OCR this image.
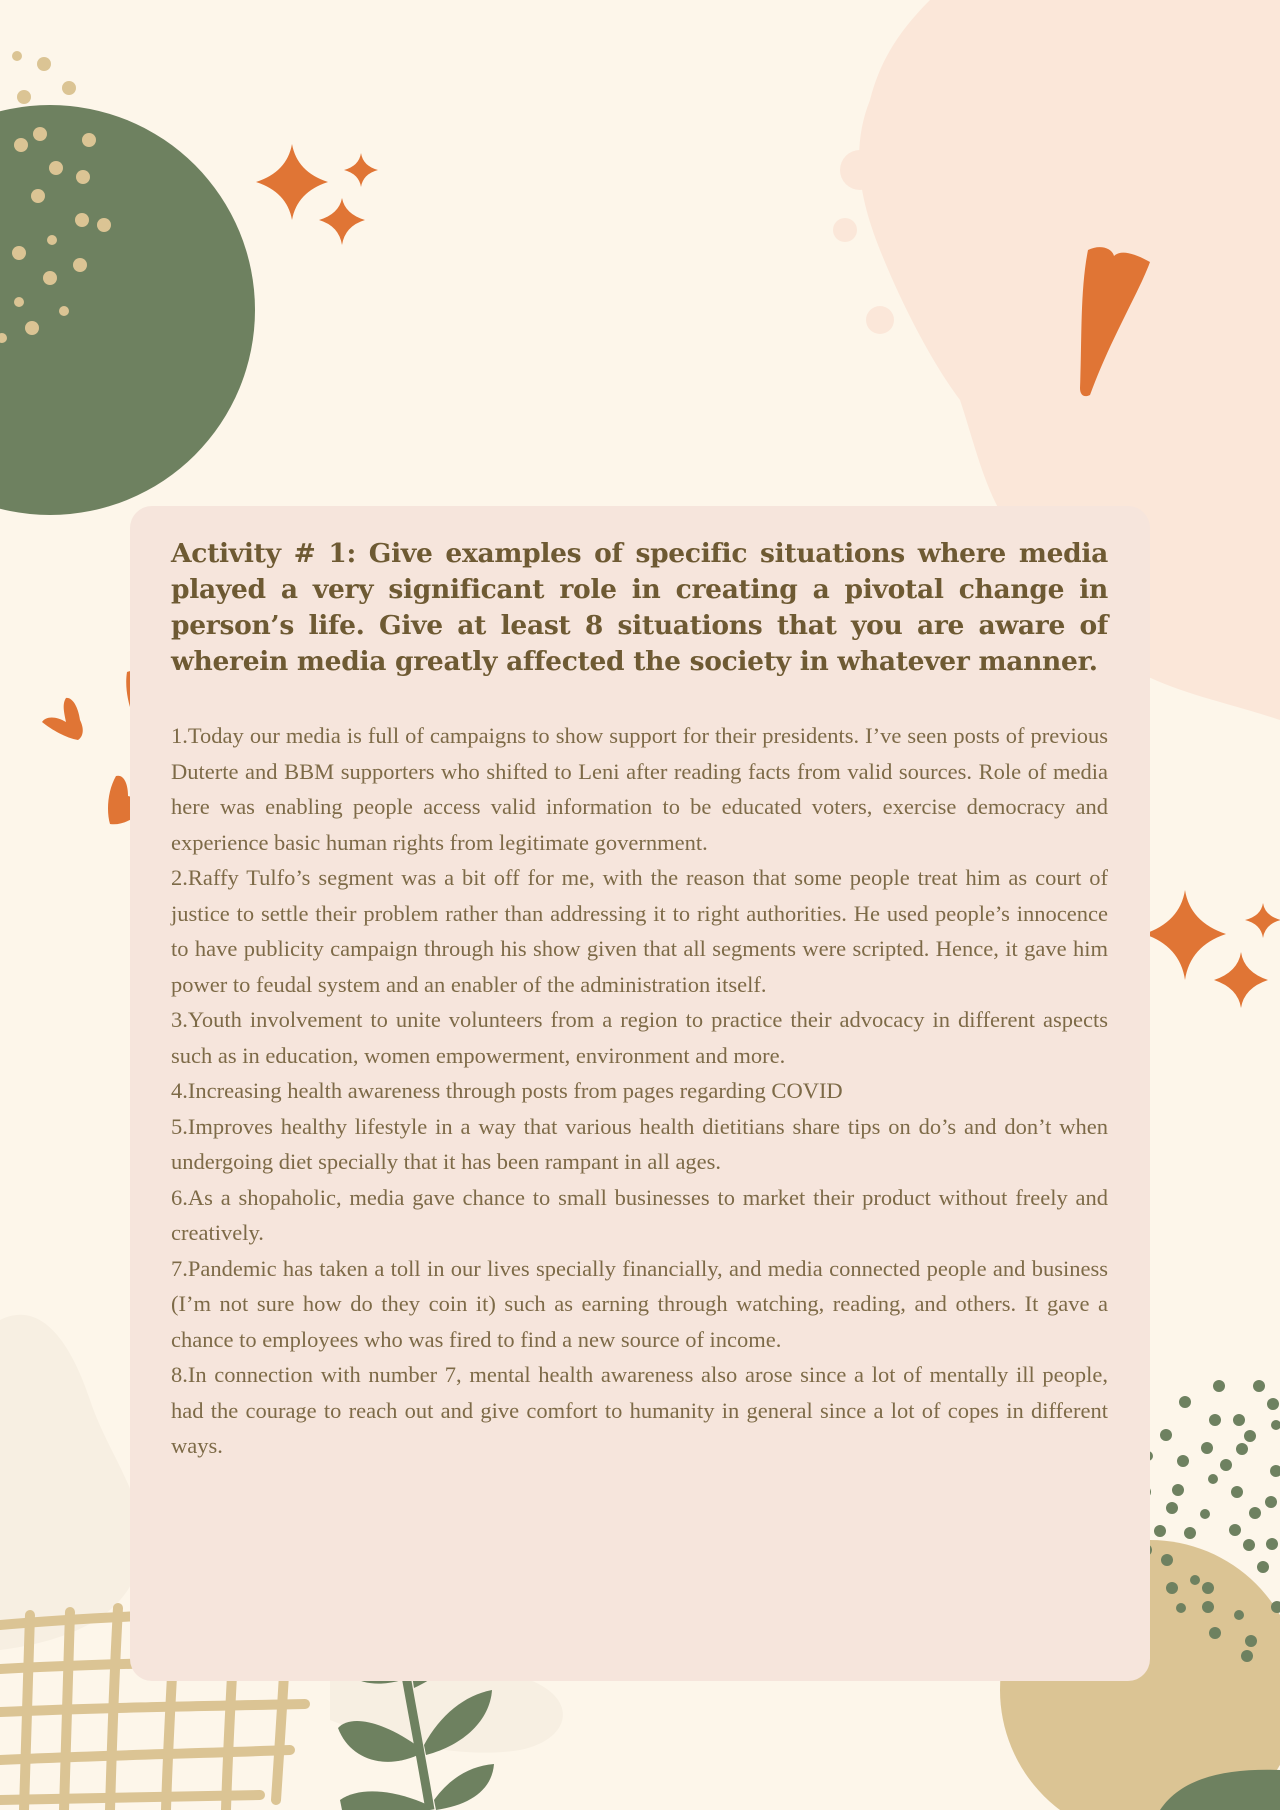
Activity # 1: Give examples of specific situations where media played a very significant role in creating a pivotal change in person’s life. Give at least 8 situations that you are aware of wherein media greatly affected the society in whatever manner.

1.Today our media is full of campaigns to show support for their presidents. I’ve seen posts of previous Duterte and BBM supporters who shifted to Leni after reading facts from valid sources. Role of media here was enabling people access valid information to be educated voters, exercise democracy and experience basic human rights from legitimate government.

2.Raffy Tulfo’s segment was a bit off for me, with the reason that some people treat him as court of justice to settle their problem rather than addressing it to right authorities. He used people’s innocence to have publicity campaign through his show given that all segments were scripted. Hence, it gave him power to feudal system and an enabler of the administration itself.

3.Youth involvement to unite volunteers from a region to practice their advocacy in different aspects such as in education, women empowerment, environment and more.

4.Increasing health awareness through posts from pages regarding COVID

5.Improves healthy lifestyle in a way that various health dietitians share tips on do’s and don’t when undergoing diet specially that it has been rampant in all ages.

6.As a shopaholic, media gave chance to small businesses to market their product without freely and creatively.

7.Pandemic has taken a toll in our lives specially financially, and media connected people and business (I’m not sure how do they coin it) such as earning through watching, reading, and others. It gave a chance to employees who was fired to find a new source of income.

8.In connection with number 7, mental health awareness also arose since a lot of mentally ill people, had the courage to reach out and give comfort to humanity in general since a lot of copes in different ways.
